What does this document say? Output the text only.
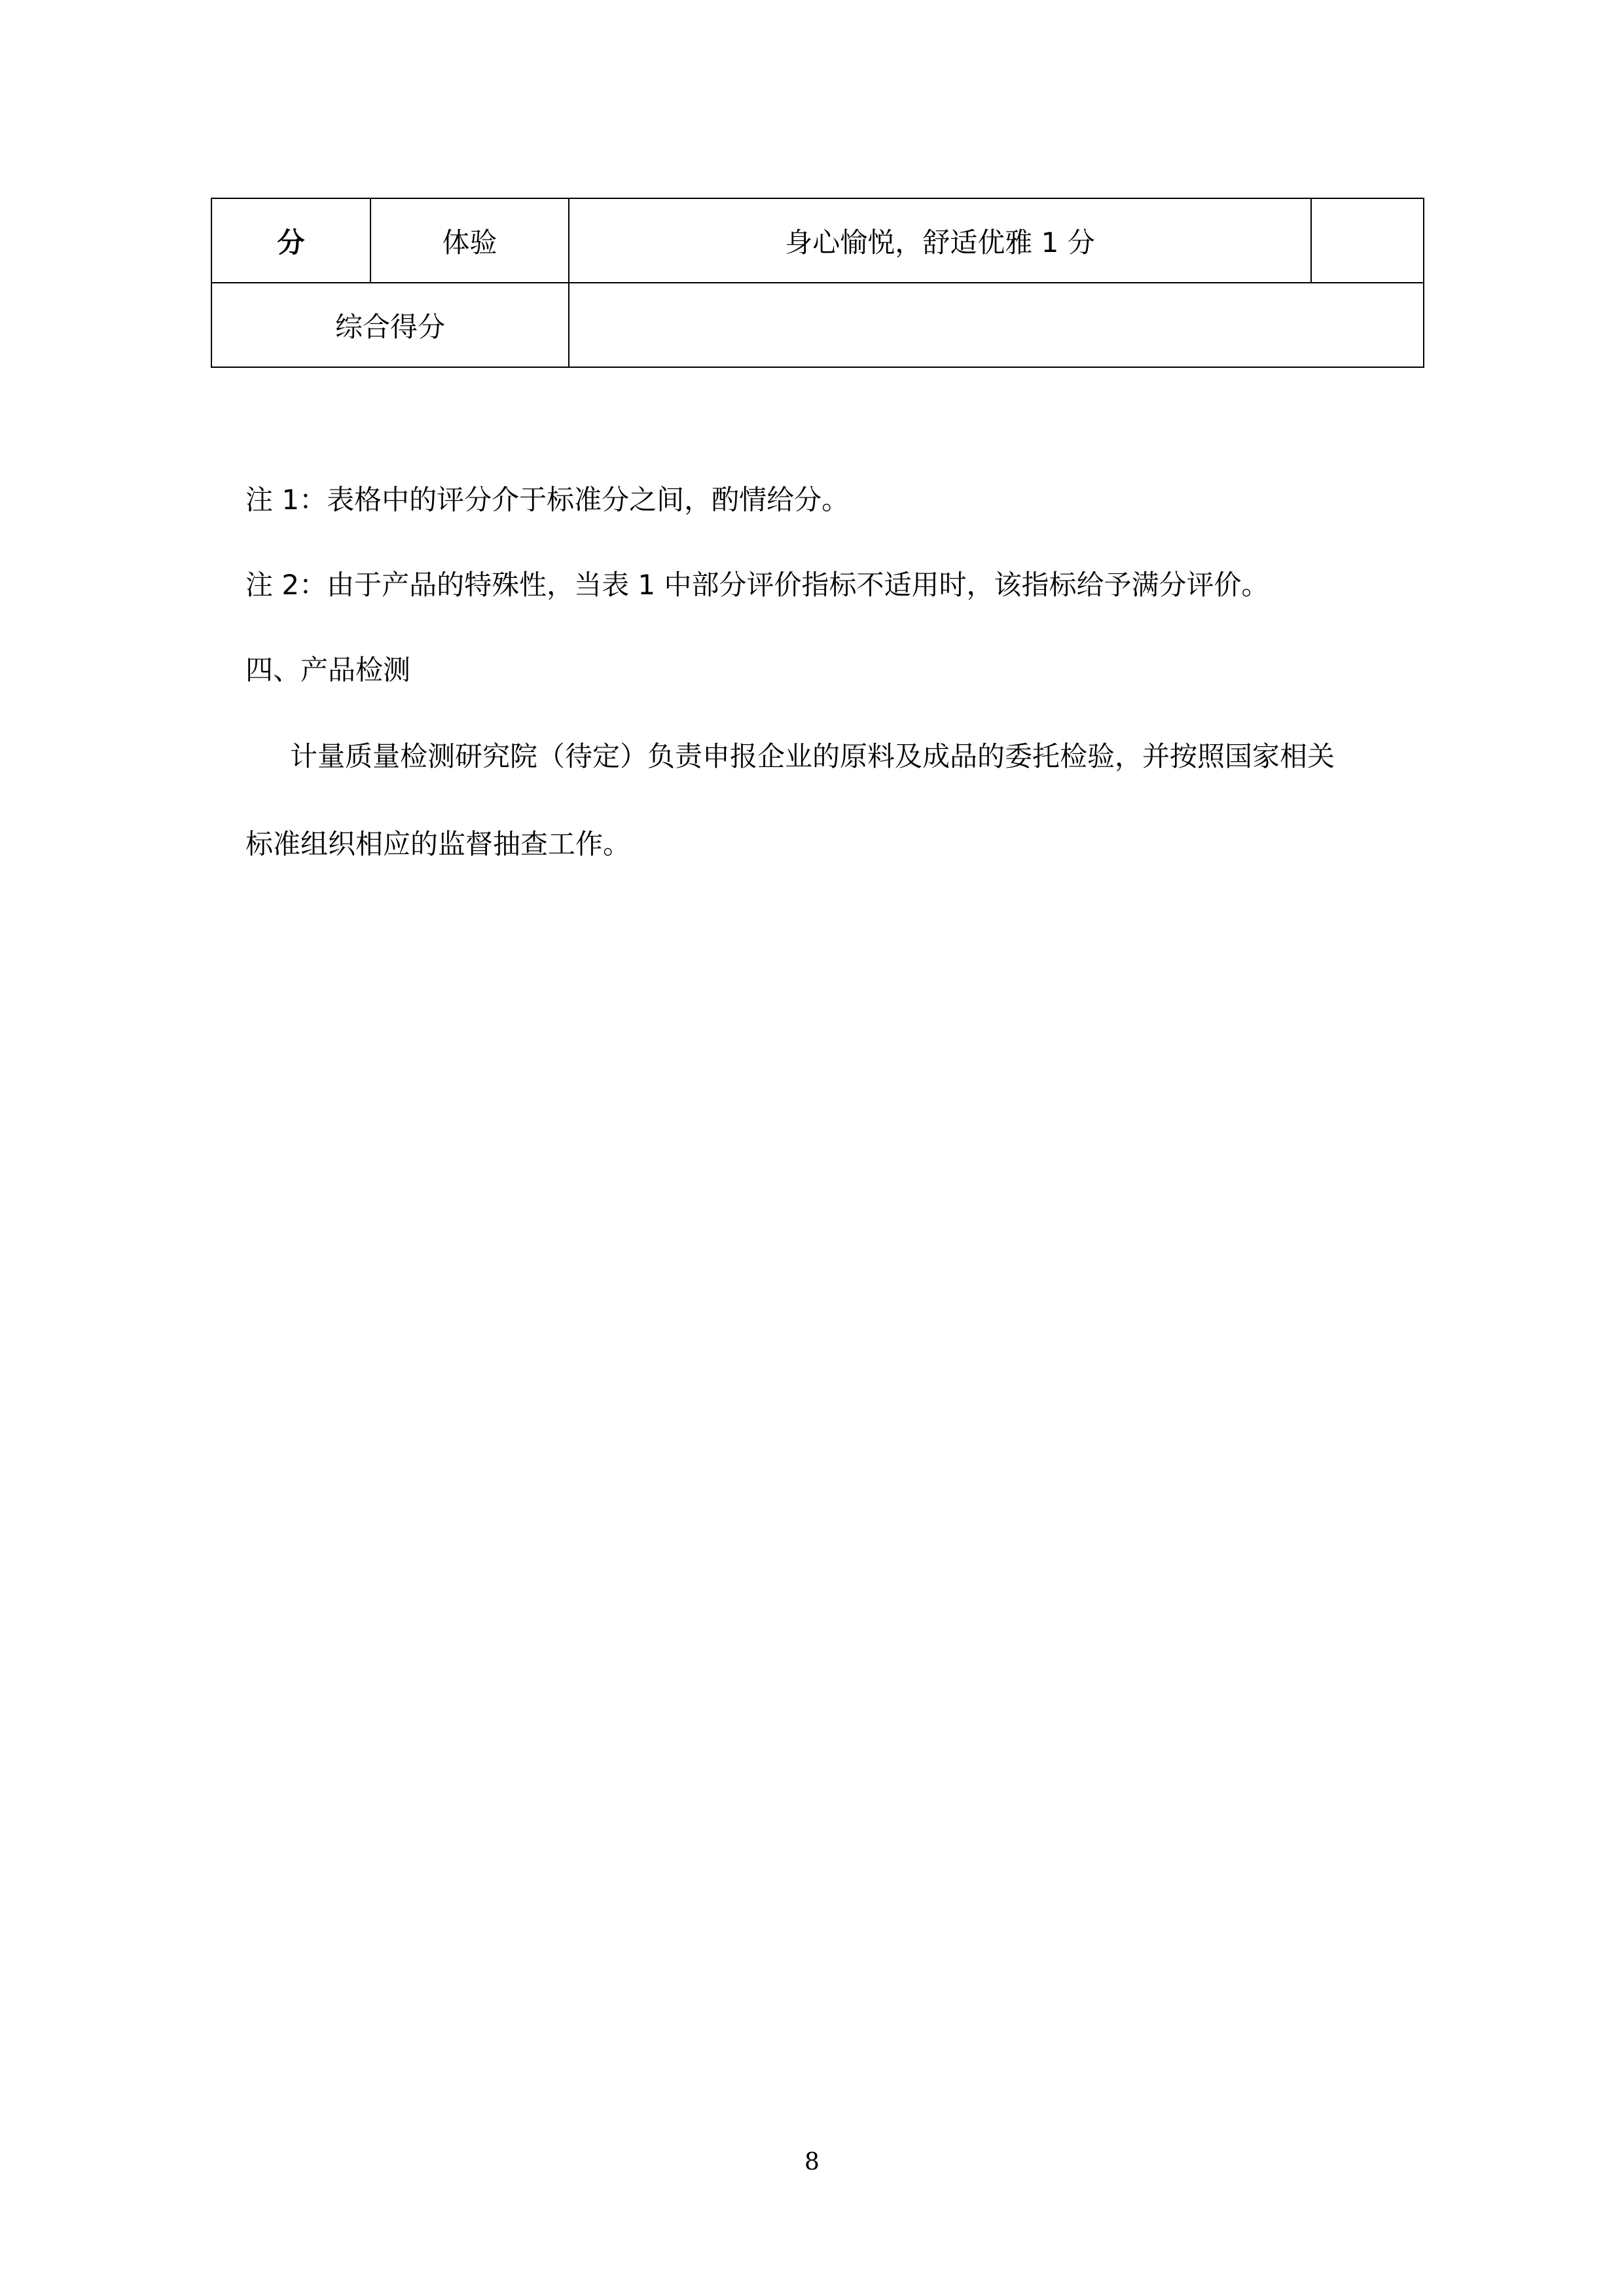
分	体验	身心愉悦，舒适优雅 1 分	
综合得分			
注 1：表格中的评分介于标准分之间，酌情给分。
注 2：由于产品的特殊性，当表 1 中部分评价指标不适用时，该指标给予满分评价。
四、产品检测
计量质量检测研究院（待定）负责申报企业的原料及成品的委托检验，并按照国家相关
标准组织相应的监督抽查工作。
8
